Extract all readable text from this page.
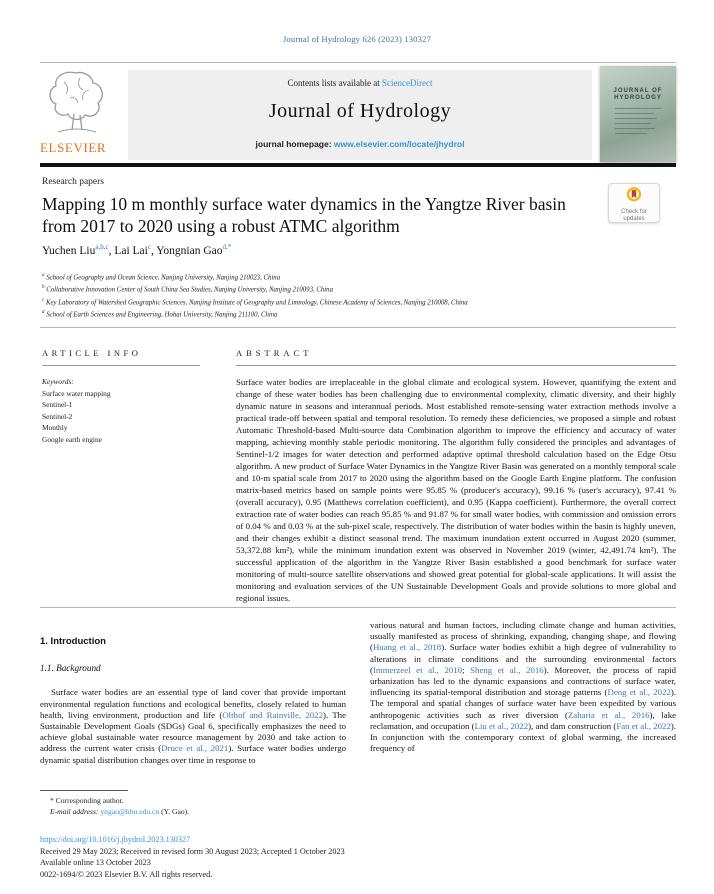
Journal of Hydrology 626 (2023) 130327
ELSEVIER
Contents lists available at ScienceDirect
Journal of Hydrology
journal homepage: www.elsevier.com/locate/jhydrol
JOURNAL OF
HYDROLOGY
Research papers
Mapping 10 m monthly surface water dynamics in the Yangtze River basin from 2017 to 2020 using a robust ATMC algorithm
Check for
updates
Yuchen Liu$^{a,b,c}$, Lai Lai$^c$, Yongnian Gao$^{d,*}$
$^a$ School of Geography and Ocean Science, Nanjing University, Nanjing 210023, China
$^b$ Collaborative Innovation Center of South China Sea Studies, Nanjing University, Nanjing 210093, China
$^c$ Key Laboratory of Watershed Geographic Sciences, Nanjing Institute of Geography and Limnology, Chinese Academy of Sciences, Nanjing 210008, China
$^d$ School of Earth Sciences and Engineering, Hohai University, Nanjing 211100, China
ARTICLE INFO
Keywords:
Surface water mapping
Sentinel-1
Sentinel-2
Monthly
Google earth engine
ABSTRACT
Surface water bodies are irreplaceable in the global climate and ecological system. However, quantifying the extent and change of these water bodies has been challenging due to environmental complexity, climatic diversity, and their highly dynamic nature in seasons and interannual periods. Most established remote-sensing water extraction methods involve a practical trade-off between spatial and temporal resolution. To remedy these deficiencies, we proposed a simple and robust Automatic Threshold-based Multi-source data Combination algorithm to improve the efficiency and accuracy of water mapping, achieving monthly stable periodic monitoring. The algorithm fully considered the principles and advantages of Sentinel-1/2 images for water detection and performed adaptive optimal threshold calculation based on the Edge Otsu algorithm. A new product of Surface Water Dynamics in the Yangtze River Basin was generated on a monthly temporal scale and 10-m spatial scale from 2017 to 2020 using the algorithm based on the Google Earth Engine platform. The confusion matrix-based metrics based on sample points were 95.85 % (producer's accuracy), 99.16 % (user's accuracy), 97.41 % (overall accuracy), 0.95 (Matthews correlation coefficient), and 0.95 (Kappa coefficient). Furthermore, the overall correct extraction rate of water bodies can reach 95.85 % and 91.87 % for small water bodies, with commission and omission errors of 0.04 % and 0.03 % at the sub-pixel scale, respectively. The distribution of water bodies within the basin is highly uneven, and their changes exhibit a distinct seasonal trend. The maximum inundation extent occurred in August 2020 (summer, 53,372.88 km²), while the minimum inundation extent was observed in November 2019 (winter, 42,491.74 km²). The successful application of the algorithm in the Yangtze River Basin established a good benchmark for surface water monitoring of multi-source satellite observations and showed great potential for global-scale applications. It will assist the monitoring and evaluation services of the UN Sustainable Development Goals and provide solutions to more global and regional issues.
1. Introduction
1.1. Background
Surface water bodies are an essential type of land cover that provide important environmental regulation functions and ecological benefits, closely related to human health, living environment, production and life (Olthof and Rainville, 2022). The Sustainable Development Goals (SDGs) Goal 6, specifically emphasizes the need to achieve global sustainable water resource management by 2030 and take action to address the current water crisis (Druce et al., 2021). Surface water bodies undergo dynamic spatial distribution changes over time in response to
various natural and human factors, including climate change and human activities, usually manifested as process of shrinking, expanding, changing shape, and flowing (Huang et al., 2018). Surface water bodies exhibit a high degree of vulnerability to alterations in climate conditions and the surrounding environmental factors (Immerzeel et al., 2010; Sheng et al., 2016). Moreover, the process of rapid urbanization has led to the dynamic expansions and contractions of surface water, influencing its spatial-temporal distribution and storage patterns (Deng et al., 2022). The temporal and spatial changes of surface water have been expedited by various anthropogenic activities such as river diversion (Zaharia et al., 2016), lake reclamation, and occupation (Liu et al., 2022), and dam construction (Fan et al., 2022). In conjunction with the contemporary context of global warming, the increased frequency of
* Corresponding author.
E-mail address: yngao@hhu.edu.cn (Y. Gao).
https://doi.org/10.1016/j.jhydrol.2023.130327
Received 29 May 2023; Received in revised form 30 August 2023; Accepted 1 October 2023
Available online 13 October 2023
0022-1694/© 2023 Elsevier B.V. All rights reserved.
